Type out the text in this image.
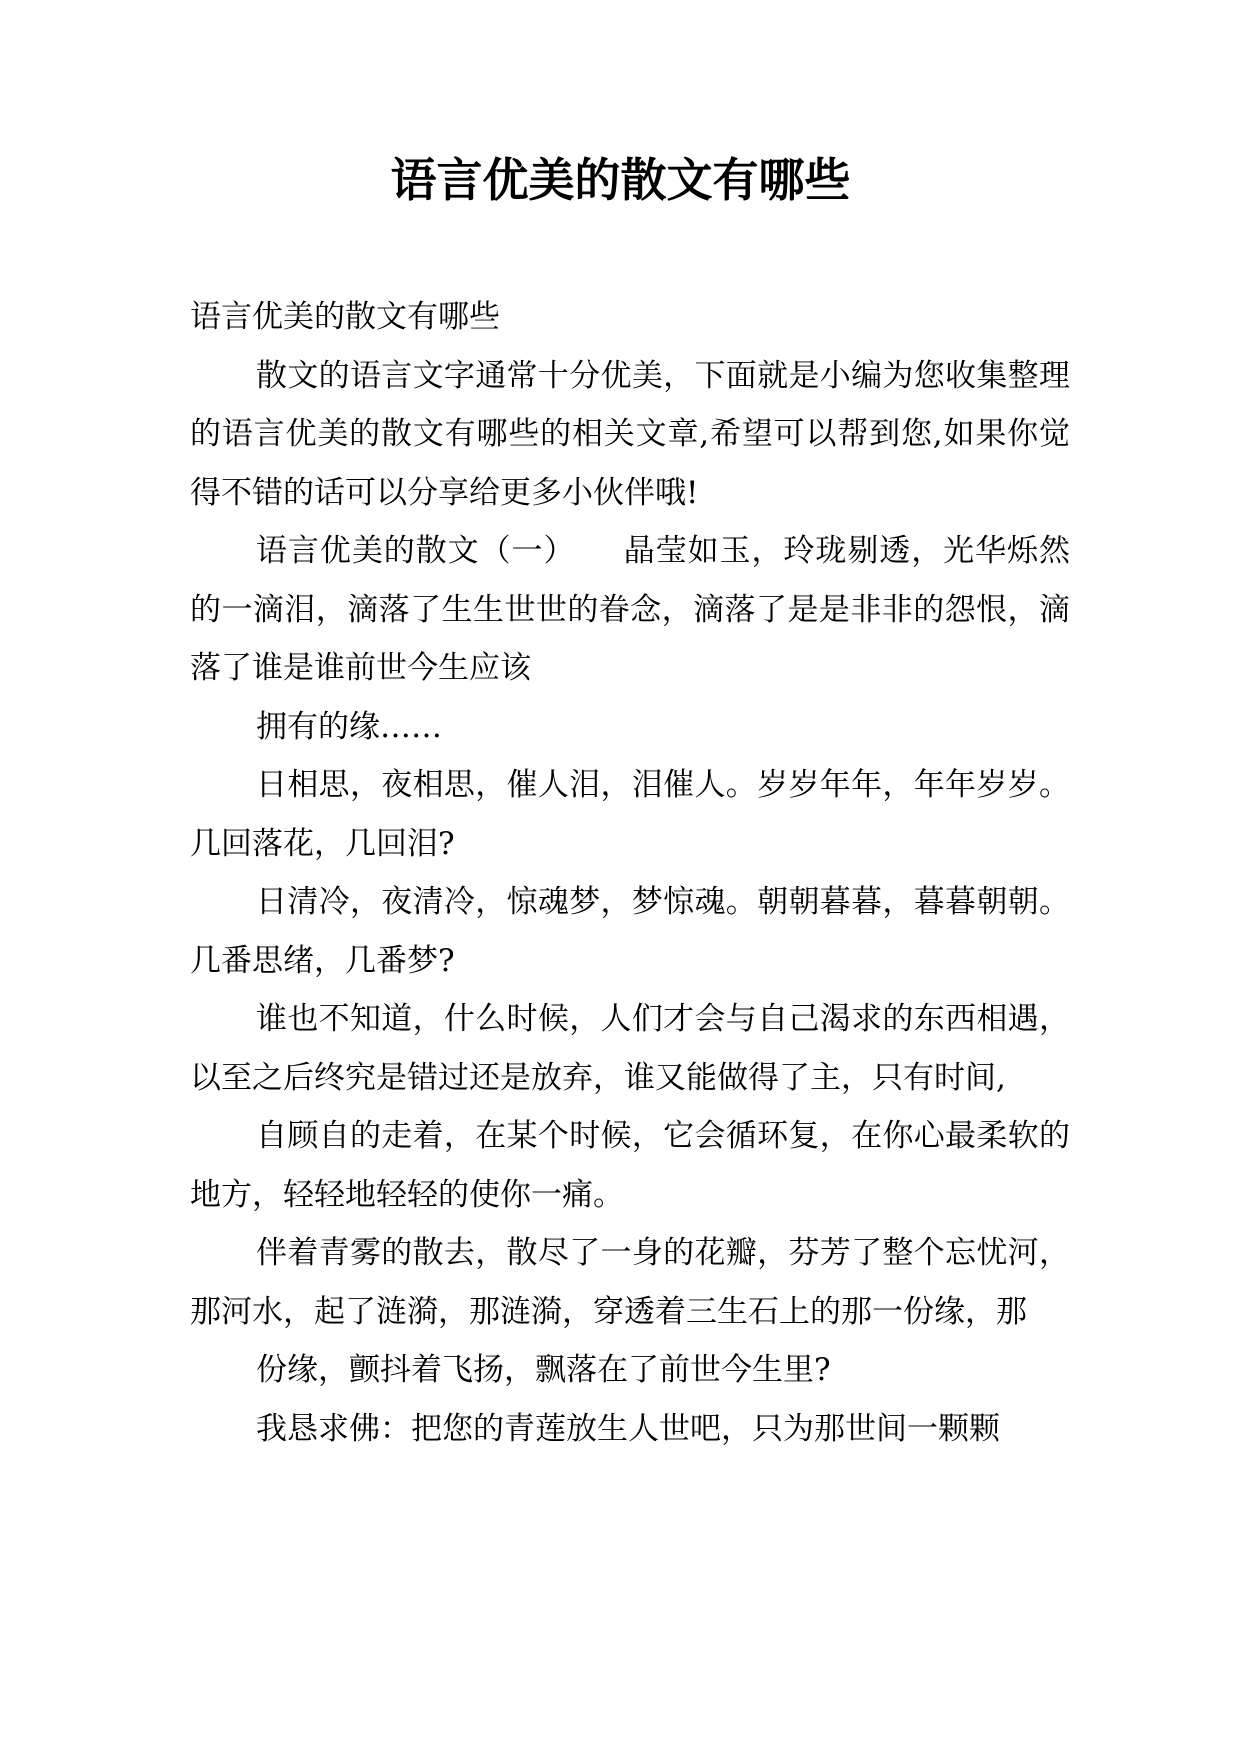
语言优美的散文有哪些

语言优美的散文有哪些

散文的语言文字通常十分优美，下面就是小编为您收集整理的语言优美的散文有哪些的相关文章,希望可以帮到您,如果你觉得不错的话可以分享给更多小伙伴哦!

语言优美的散文（一）　　晶莹如玉，玲珑剔透，光华烁然的一滴泪，滴落了生生世世的眷念，滴落了是是非非的怨恨，滴落了谁是谁前世今生应该

拥有的缘……

日相思，夜相思，催人泪，泪催人。岁岁年年，年年岁岁。几回落花，几回泪?

日清冷，夜清冷，惊魂梦，梦惊魂。朝朝暮暮，暮暮朝朝。几番思绪，几番梦?

谁也不知道，什么时候，人们才会与自己渴求的东西相遇，以至之后终究是错过还是放弃，谁又能做得了主，只有时间,

自顾自的走着，在某个时候，它会循环复，在你心最柔软的地方，轻轻地轻轻的使你一痛。

伴着青雾的散去，散尽了一身的花瓣，芬芳了整个忘忧河，那河水，起了涟漪，那涟漪，穿透着三生石上的那一份缘，那

份缘，颤抖着飞扬，飘落在了前世今生里?

我恳求佛：把您的青莲放生人世吧，只为那世间一颗颗
